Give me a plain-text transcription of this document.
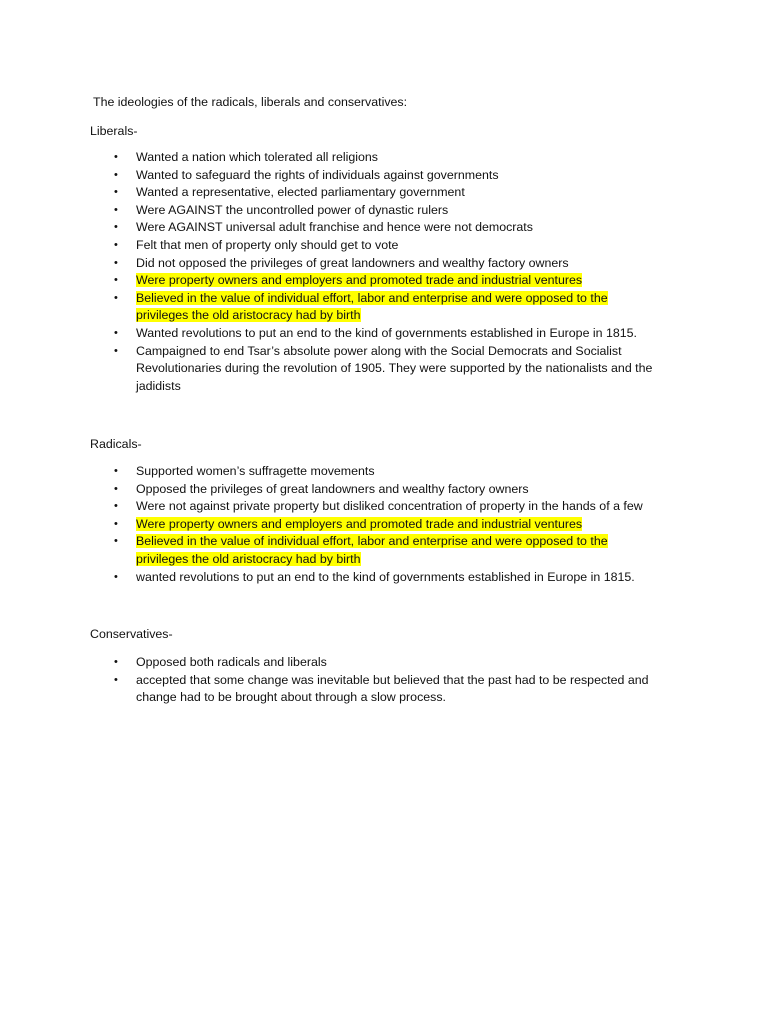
The ideologies of the radicals, liberals and conservatives:
Liberals-
• Wanted a nation which tolerated all religions
• Wanted to safeguard the rights of individuals against governments
• Wanted a representative, elected parliamentary government
• Were AGAINST the uncontrolled power of dynastic rulers
• Were AGAINST universal adult franchise and hence were not democrats
• Felt that men of property only should get to vote
• Did not opposed the privileges of great landowners and wealthy factory owners
• Were property owners and employers and promoted trade and industrial ventures
• Believed in the value of individual effort, labor and enterprise and were opposed to the
privileges the old aristocracy had by birth
• Wanted revolutions to put an end to the kind of governments established in Europe in 1815.
• Campaigned to end Tsar’s absolute power along with the Social Democrats and Socialist
Revolutionaries during the revolution of 1905. They were supported by the nationalists and the
jadidists
Radicals-
• Supported women’s suffragette movements
• Opposed the privileges of great landowners and wealthy factory owners
• Were not against private property but disliked concentration of property in the hands of a few
• Were property owners and employers and promoted trade and industrial ventures
• Believed in the value of individual effort, labor and enterprise and were opposed to the
privileges the old aristocracy had by birth
• wanted revolutions to put an end to the kind of governments established in Europe in 1815.
Conservatives-
• Opposed both radicals and liberals
• accepted that some change was inevitable but believed that the past had to be respected and
change had to be brought about through a slow process.
